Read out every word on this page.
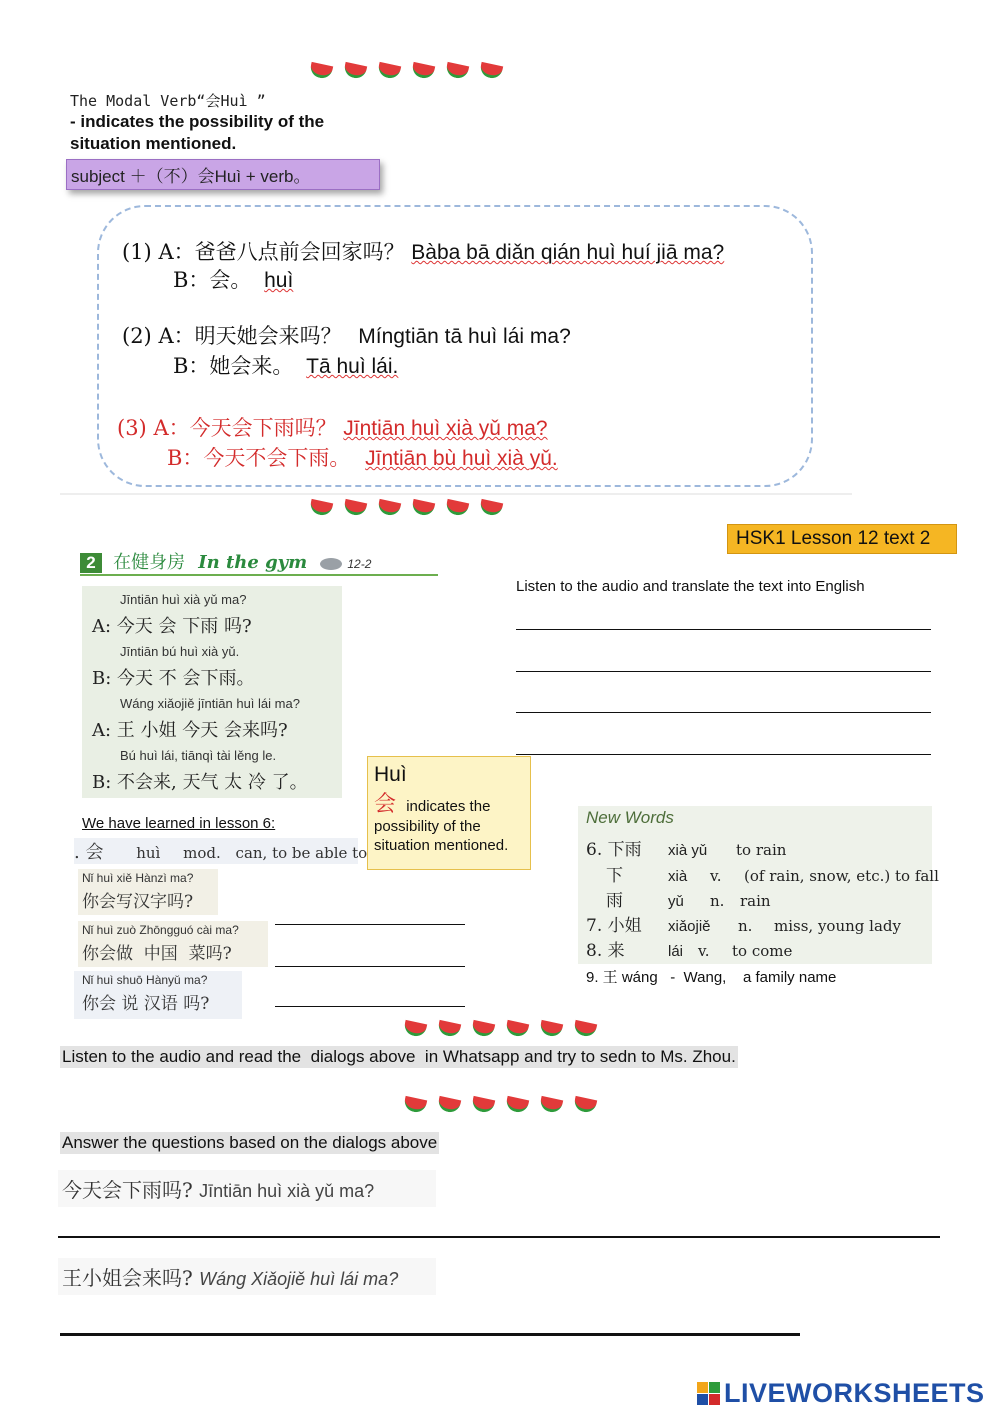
The Modal Verb“会Huì ”
- indicates the possibility of the
situation mentioned.
subject ＋（不）会Huì + verb。
(1) A：爸爸八点前会回家吗？ Bàba bā diǎn qián huì huí jiā ma?
B：会。 huì
(2) A：明天她会来吗？ Míngtiān tā huì lái ma?
B：她会来。 Tā huì lái.
(3) A：今天会下雨吗？ Jīntiān huì xià yǔ ma?
B：今天不会下雨。 Jīntiān bù huì xià yǔ.
HSK1 Lesson 12 text 2
2 在健身房 In the gym	12-2
Jīntiān huì xià yǔ ma?
A: 今天 会 下雨 吗?
Jīntiān bú huì xià yǔ.
B: 今天 不 会下雨。
Wáng xiǎojiě jīntiān huì lái ma?
A: 王 小姐 今天 会来吗?
Bú huì lái, tiānqì tài lěng le.
B: 不会来, 天气 太 冷 了。
Listen to the audio and translate the text into English
Huì
会 indicates the
possibility of the
situation mentioned.
We have learned in lesson 6:
. 会 huì mod. can, to be able to
Nǐ huì xiě Hànzì ma?
你会写汉字吗?
Nǐ huì zuò Zhōngguó cài ma?
你会做  中国  菜吗?
Nǐ huì shuō Hànyǔ ma?
你会 说 汉语 吗?
New Words
6. 下雨 xià yǔ to rain
下	xià v. (of rain, snow, etc.) to fall
雨	yǔ n. rain
7. 小姐 xiǎojiě n. miss, young lady
8. 来	lái v. to come
9. 王 wáng   -  Wang,    a family name
Listen to the audio and read the  dialogs above  in Whatsapp and try to sedn to Ms. Zhou.
Answer the questions based on the dialogs above
今天会下雨吗? Jīntiān huì xià yǔ ma?
王小姐会来吗? Wáng Xiǎojiě huì lái ma?
LIVEWORKSHEETS
